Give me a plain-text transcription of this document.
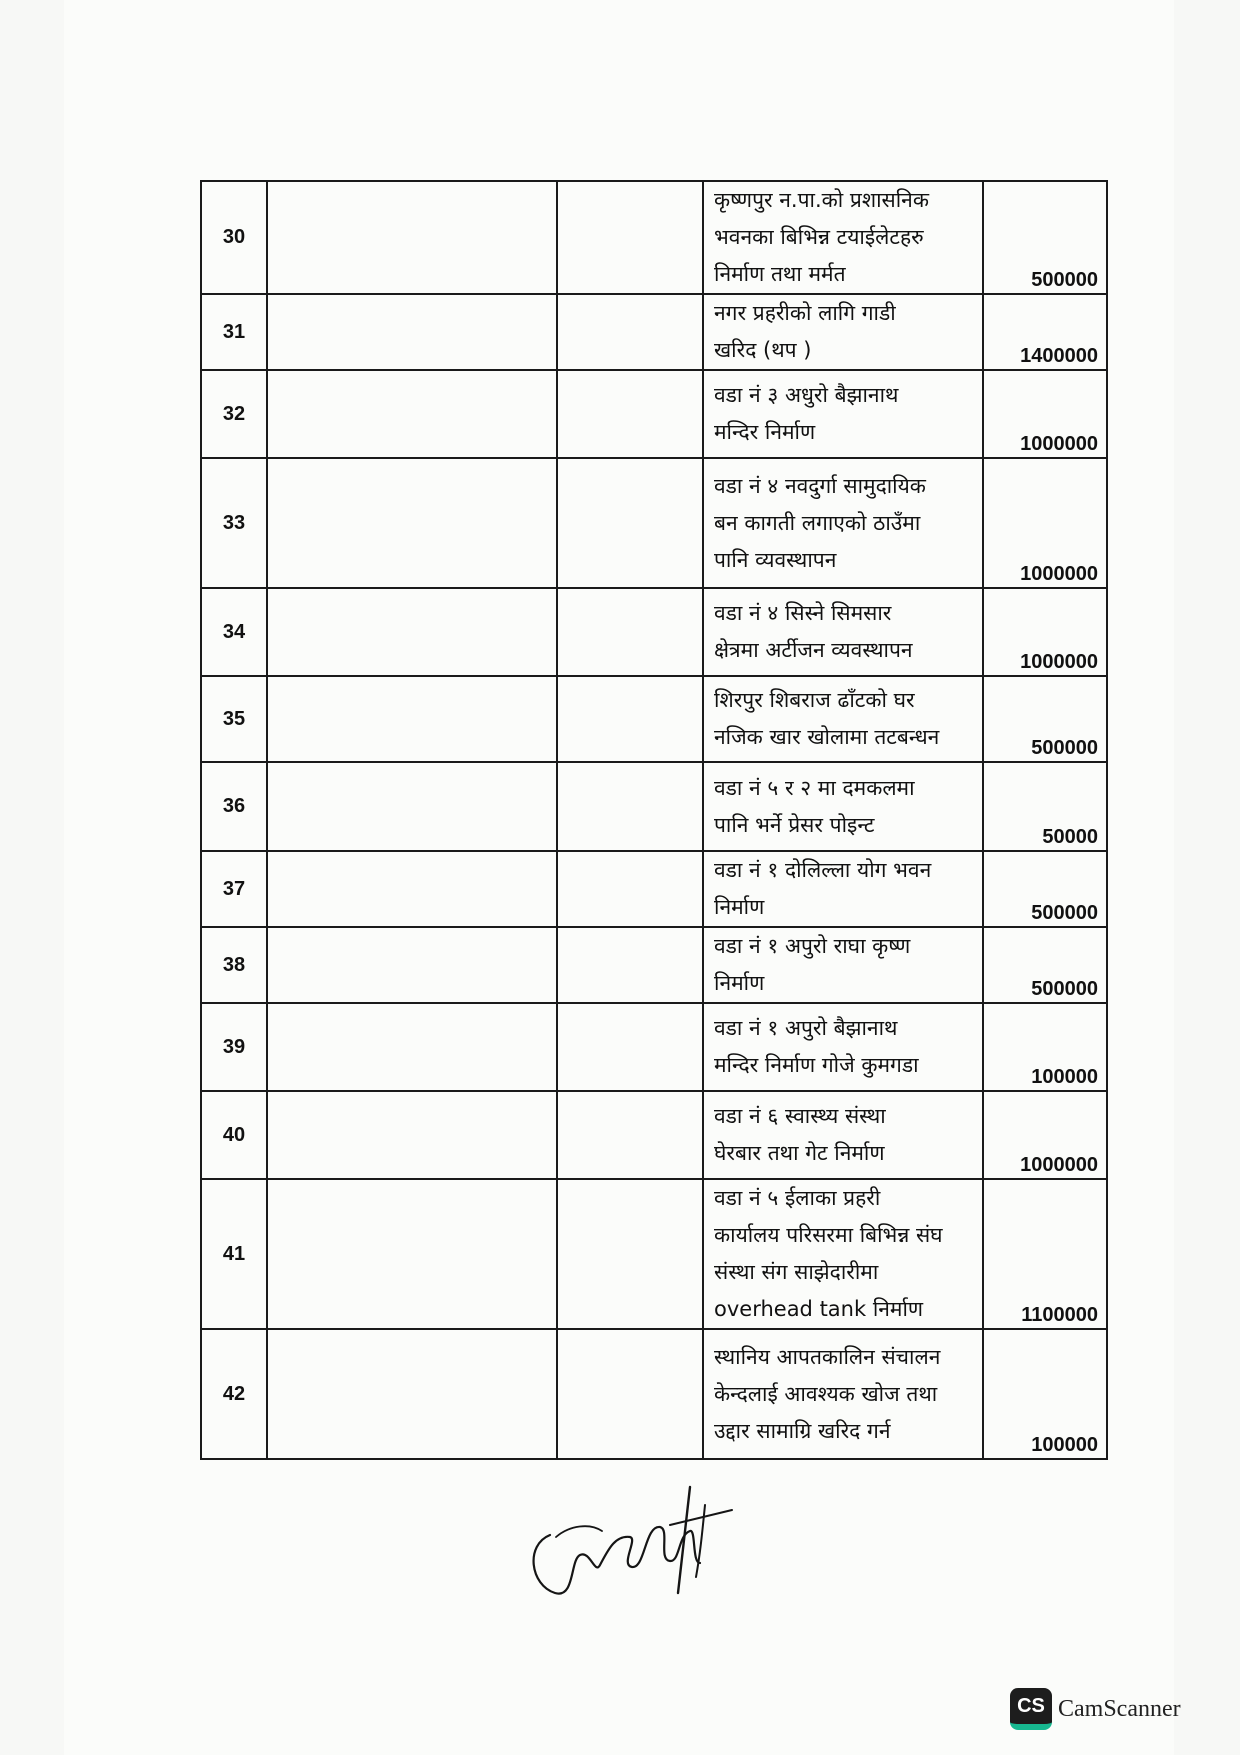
30			कृष्णपुर न.पा.को प्रशासनिक
भवनका बिभिन्न टयाईलेटहरु
निर्माण तथा मर्मत	500000
31			नगर प्रहरीको लागि गाडी
खरिद (थप )	1400000
32			वडा नं ३ अधुरो बैझानाथ
मन्दिर निर्माण	1000000
33			वडा नं ४ नवदुर्गा सामुदायिक
बन कागती लगाएको ठाउँमा
पानि व्यवस्थापन	1000000
34			वडा नं ४ सिस्ने सिमसार
क्षेत्रमा अर्टीजन व्यवस्थापन	1000000
35			शिरपुर शिबराज ढाँटको घर
नजिक खार खोलामा तटबन्धन	500000
36			वडा नं ५ र २ मा दमकलमा
पानि भर्ने प्रेसर पोइन्ट	50000
37			वडा नं १ दोलिल्ला योग भवन
निर्माण	500000
38			वडा नं १ अपुरो राघा कृष्ण
निर्माण	500000
39			वडा नं १ अपुरो बैझानाथ
मन्दिर निर्माण गोजे कुमगडा	100000
40			वडा नं ६ स्वास्थ्य संस्था
घेरबार तथा गेट निर्माण	1000000
41			वडा नं ५ ईलाका प्रहरी
कार्यालय परिसरमा बिभिन्न संघ
संस्था संग साझेदारीमा
overhead tank निर्माण	1100000
42			स्थानिय आपतकालिन संचालन
केन्दलाई आवश्यक खोज तथा
उद्दार सामाग्रि खरिद गर्न	100000
CS CamScanner
